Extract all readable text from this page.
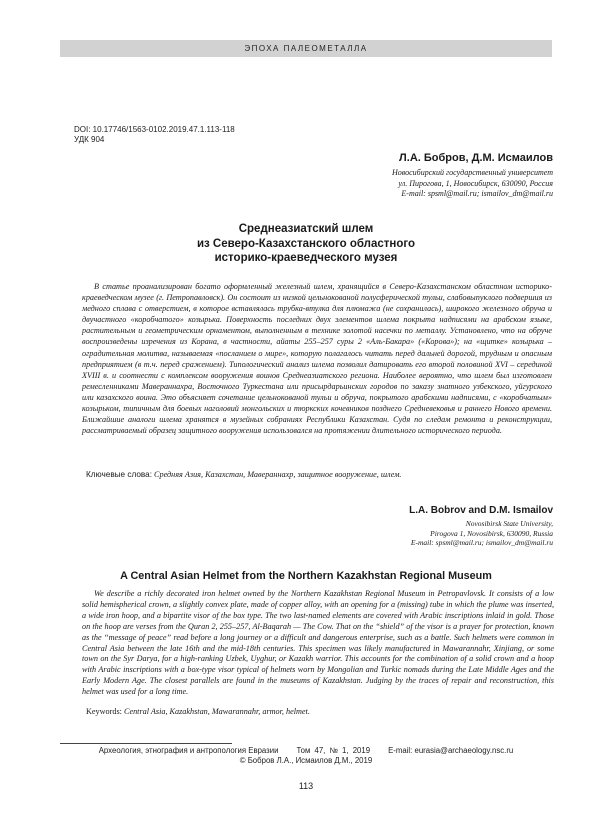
ЭПОХА ПАЛЕОМЕТАЛЛА
DOI: 10.17746/1563-0102.2019.47.1.113-118
УДК 904
Л.А. Бобров, Д.М. Исмаилов
Новосибирский государственный университет
ул. Пирогова, 1, Новосибирск, 630090, Россия
E-mail: spsml@mail.ru; ismailov_dm@mail.ru
Среднеазиатский шлем
из Северо-Казахстанского областного
историко-краеведческого музея

В статье проанализирован богато оформленный железный шлем, хранящийся в Северо-Казахстанском областном историко-краеведческом музее (г. Петропавловск). Он состоит из низкой цельнокованой полусферической тульи, слабовыпуклого подвершия из медного сплава с отверстием, в которое вставлялась трубка-втулка для плюмажа (не сохранилась), широкого железного обруча и двучастного «коробчатого» козырька. Поверхность последних двух элементов шлема покрыта надписями на арабском языке, растительным и геометрическим орнаментом, выполненным в технике золотой насечки по металлу. Установлено, что на обруче воспроизведены изречения из Корана, в частности, айаты 255–257 суры 2 «Аль-Бакара» («Корова»); на «щитке» козырька – оградительная молитва, называемая «посланием о мире», которую полагалось читать перед дальней дорогой, трудным и опасным предприятием (в т.ч. перед сражением). Типологический анализ шлема позволил датировать его второй половиной XVI – серединой XVIII в. и соотнести с комплексом вооружения воинов Среднеазиатского региона. Наиболее вероятно, что шлем был изготовлен ремесленниками Мавераннахра, Восточного Туркестана или присырдарьинских городов по заказу знатного узбекского, уйгурского или казахского воина. Это объясняет сочетание цельнокованой тульи и обруча, покрытого арабскими надписями, с «коробчатым» козырьком, типичным для боевых наголовий монгольских и тюркских кочевников позднего Средневековья и раннего Нового времени. Ближайшие аналоги шлема хранятся в музейных собраниях Республики Казахстан. Судя по следам ремонта и реконструкции, рассматриваемый образец защитного вооружения использовался на протяжении длительного исторического периода.

Ключевые слова: Средняя Азия, Казахстан, Мавераннахр, защитное вооружение, шлем.
L.A. Bobrov and D.M. Ismailov
Novosibirsk State University,
Pirogova 1, Novosibirsk, 630090, Russia
E-mail: spsml@mail.ru; ismailov_dm@mail.ru
A Central Asian Helmet from the Northern Kazakhstan Regional Museum

We describe a richly decorated iron helmet owned by the Northern Kazakhstan Regional Museum in Petropavlovsk. It consists of a low solid hemispherical crown, a slightly convex plate, made of copper alloy, with an opening for a (missing) tube in which the plume was inserted, a wide iron hoop, and a bipartite visor of the box type. The two last-named elements are covered with Arabic inscriptions inlaid in gold. Those on the hoop are verses from the Quran 2, 255–257, Al-Baqarah — The Cow. That on the “shield” of the visor is a prayer for protection, known as the “message of peace” read before a long journey or a difficult and dangerous enterprise, such as a battle. Such helmets were common in Central Asia between the late 16th and the mid-18th centuries. This specimen was likely manufactured in Mawarannahr, Xinjiang, or some town on the Syr Darya, for a high-ranking Uzbek, Uyghur, or Kazakh warrior. This accounts for the combination of a solid crown and a hoop with Arabic inscriptions with a box-type visor typical of helmets worn by Mongolian and Turkic nomads during the Late Middle Ages and the Early Modern Age. The closest parallels are found in the museums of Kazakhstan. Judging by the traces of repair and reconstruction, this helmet was used for a long time.

Keywords: Central Asia, Kazakhstan, Mawarannahr, armor, helmet.
Археология, этнография и антропология Евразии Том 47, № 1, 2019 E-mail: eurasia@archaeology.nsc.ru
© Бобров Л.А., Исмаилов Д.М., 2019
113
